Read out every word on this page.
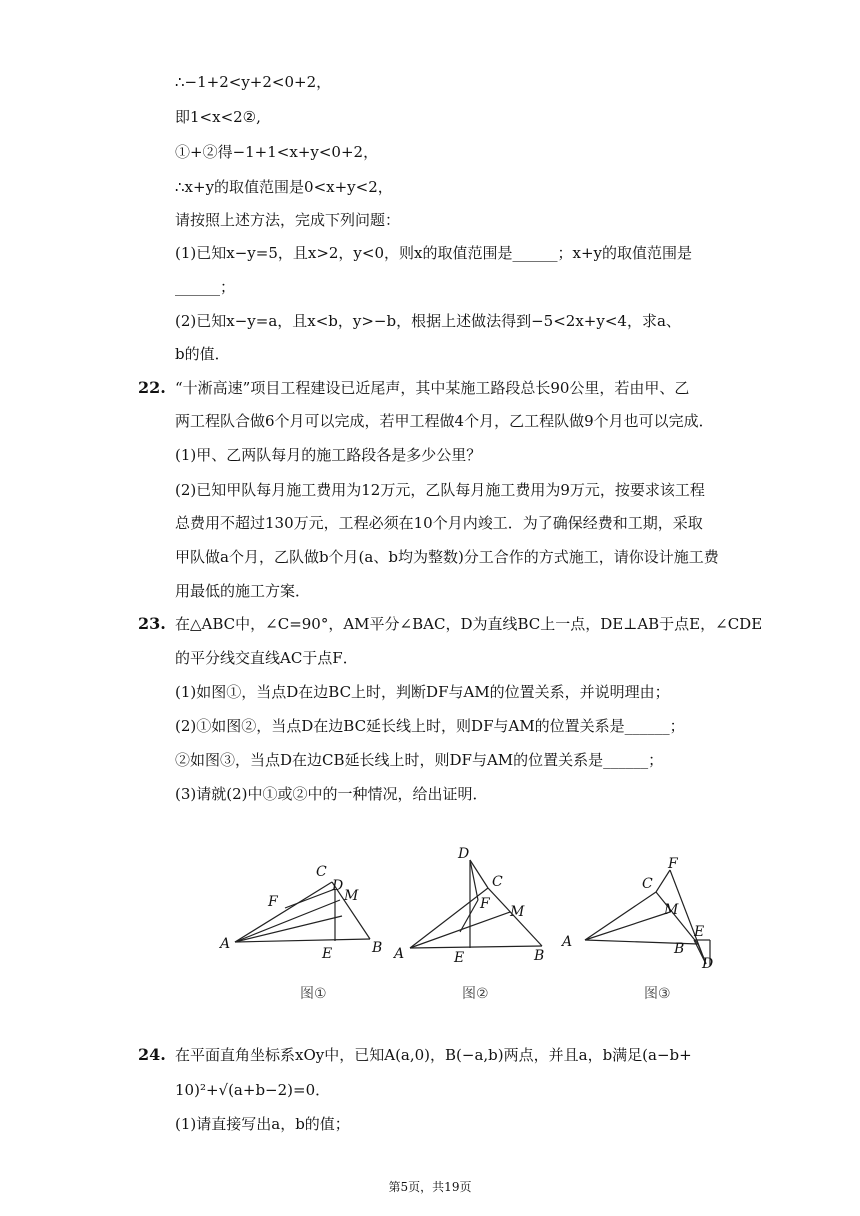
∴−1+2<y+2<0+2，
即1<x<2②,
①+②得−1+1<x+y<0+2，
∴x+y的取值范围是0<x+y<2，
请按照上述方法，完成下列问题：
(1)已知x−y=5，且x>2，y<0，则x的取值范围是______；x+y的取值范围是
______；
(2)已知x−y=a，且x<b，y>−b，根据上述做法得到−5<2x+y<4，求a、
b的值．
22. “十淅高速”项目工程建设已近尾声，其中某施工路段总长90公里，若由甲、乙
两工程队合做6个月可以完成，若甲工程做4个月，乙工程队做9个月也可以完成．
(1)甲、乙两队每月的施工路段各是多少公里？
(2)已知甲队每月施工费用为12万元，乙队每月施工费用为9万元，按要求该工程
总费用不超过130万元，工程必须在10个月内竣工．为了确保经费和工期，采取
甲队做a个月，乙队做b个月(a、b均为整数)分工合作的方式施工，请你设计施工费
用最低的施工方案．
23. 在△ABC中，∠C=90°，AM平分∠BAC，D为直线BC上一点，DE⊥AB于点E，∠CDE
的平分线交直线AC于点F．
(1)如图①，当点D在边BC上时，判断DF与AM的位置关系，并说明理由；
(2)①如图②，当点D在边BC延长线上时，则DF与AM的位置关系是______；
②如图③，当点D在边CB延长线上时，则DF与AM的位置关系是______；
(3)请就(2)中①或②中的一种情况，给出证明．
A	B
C
D
E
F	M
A	B
C
D
E
F M
A	B
C
D
E
F
M
图①	图②	图③
24. 在平面直角坐标系xOy中，已知A(a,0)，B(−a,b)两点，并且a，b满足(a−b+
10)²+√(a+b−2)=0．
(1)请直接写出a，b的值；
第5页，共19页
